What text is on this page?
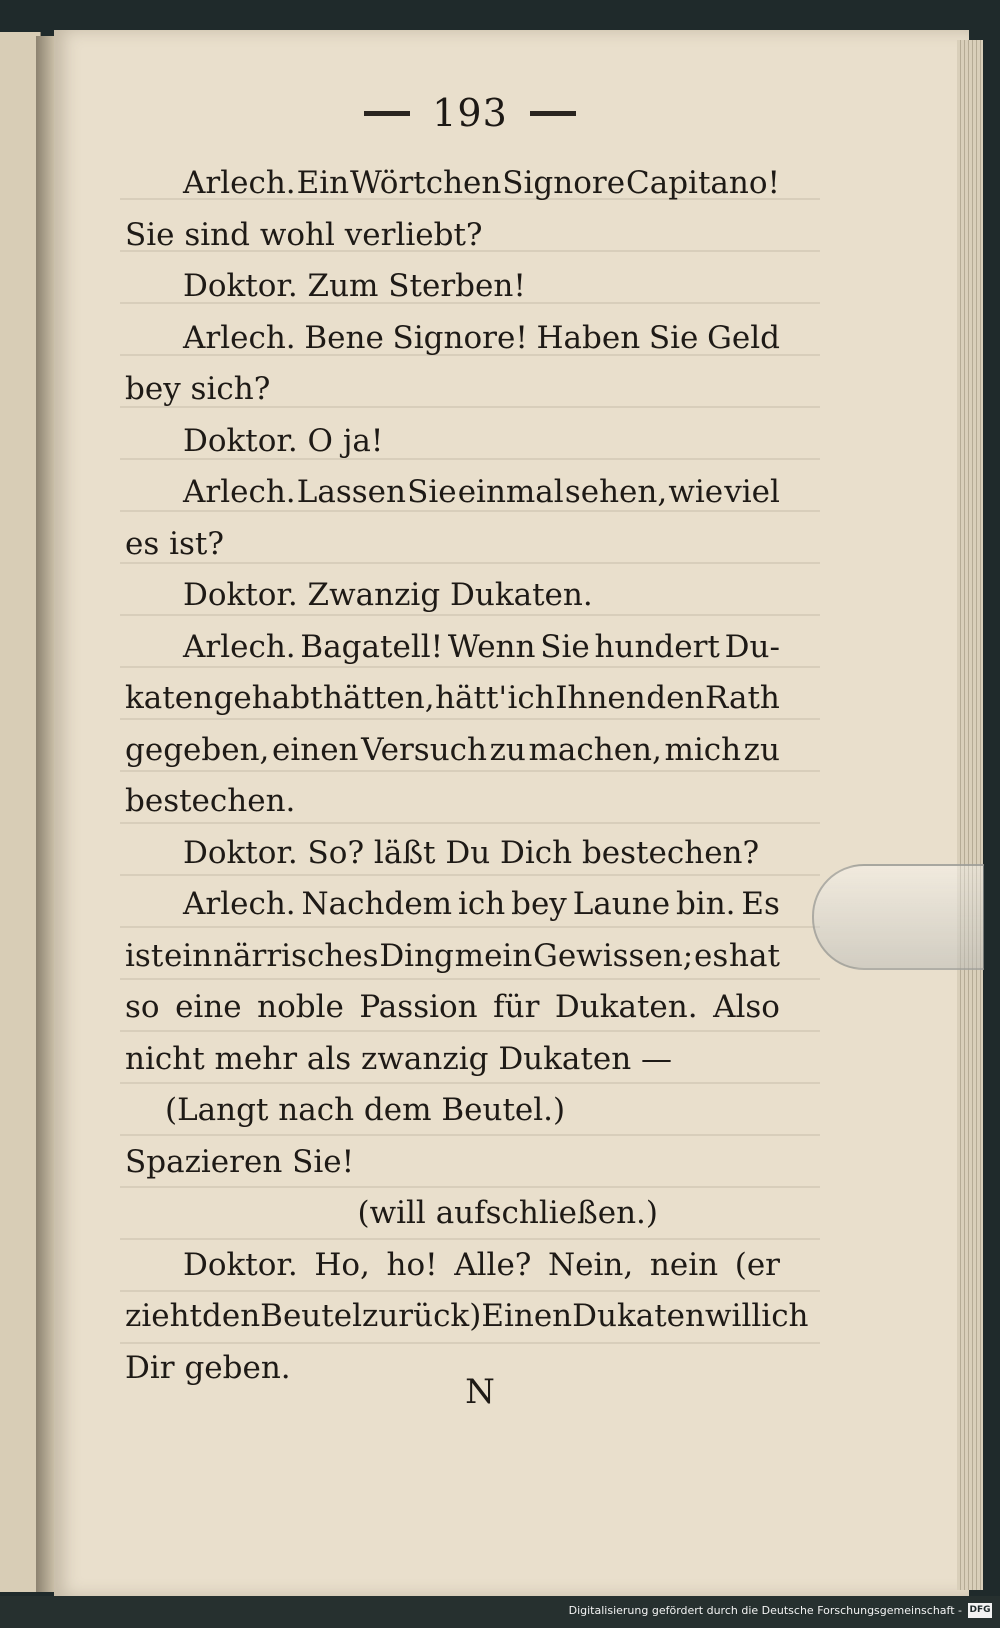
193
Arlech. Ein Wörtchen Signore Capitano!
Sie sind wohl verliebt?
Doktor. Zum Sterben!
Arlech. Bene Signore! Haben Sie Geld
bey sich?
Doktor. O ja!
Arlech. Lassen Sie einmal sehen, wie viel
es ist?
Doktor. Zwanzig Dukaten.
Arlech. Bagatell! Wenn Sie hundert Du-
katen gehabt hätten, hätt' ich Ihnen den Rath
gegeben, einen Versuch zu machen, mich zu
bestechen.
Doktor. So? läßt Du Dich bestechen?
Arlech. Nachdem ich bey Laune bin. Es
ist ein närrisches Ding mein Gewissen; es hat
so eine noble Passion für Dukaten. Also
nicht mehr als zwanzig Dukaten —
(Langt nach dem Beutel.)
Spazieren Sie!
(will aufschließen.)
Doktor. Ho, ho! Alle? Nein, nein (er
zieht den Beutel zurück) Einen Dukaten will ich
Dir geben.
N
Digitalisierung gefördert durch die Deutsche Forschungsgemeinschaft - DFG
